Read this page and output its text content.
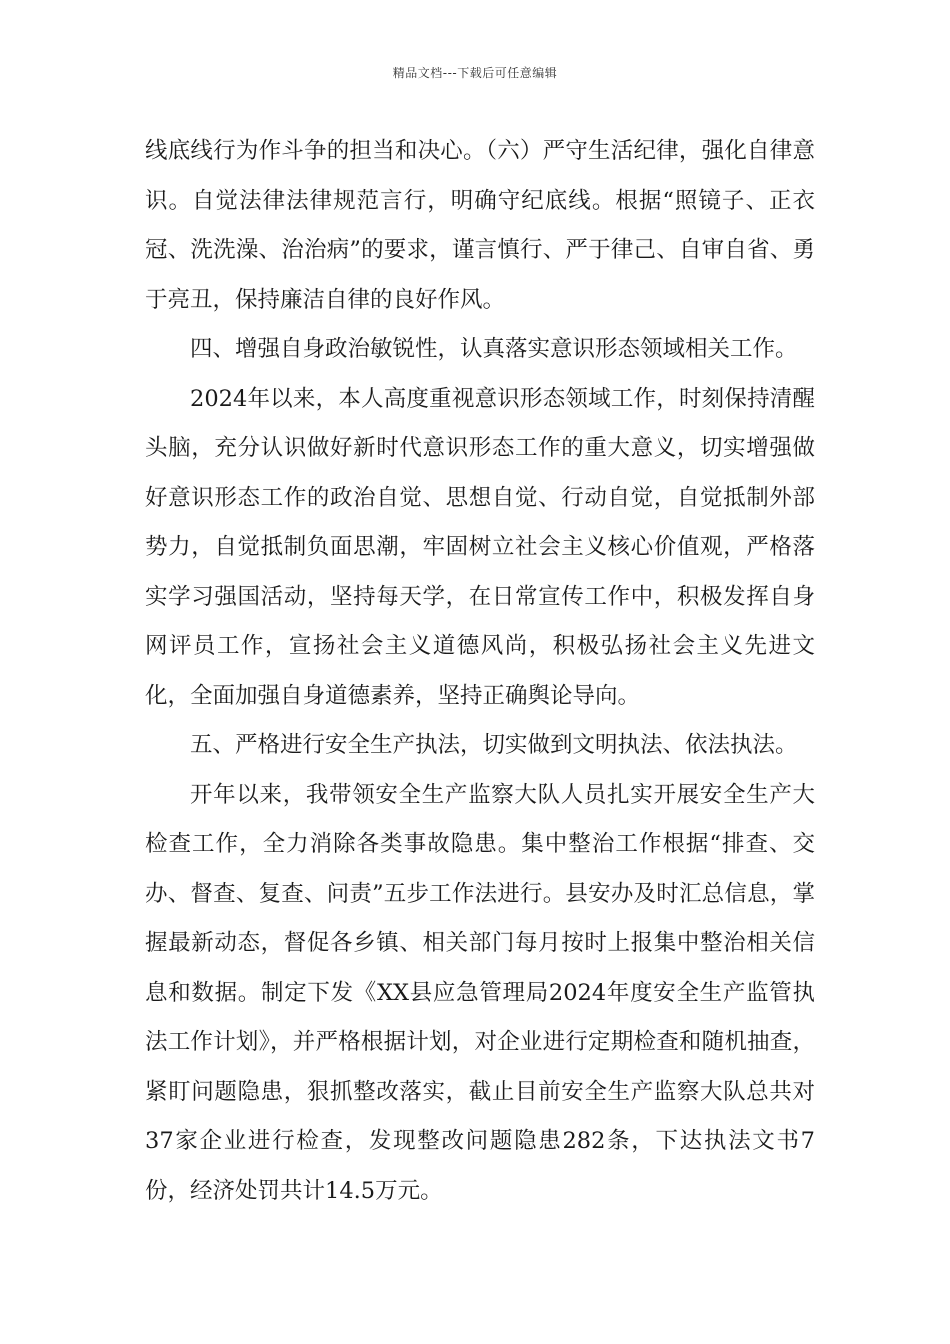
精品文档---下载后可任意编辑

线底线行为作斗争的担当和决心。（六）严守生活纪律，强化自律意识。自觉法律法律规范言行，明确守纪底线。根据“照镜子、正衣冠、洗洗澡、治治病”的要求，谨言慎行、严于律己、自审自省、勇于亮丑，保持廉洁自律的良好作风。

四、增强自身政治敏锐性，认真落实意识形态领域相关工作。

2024年以来，本人高度重视意识形态领域工作，时刻保持清醒头脑，充分认识做好新时代意识形态工作的重大意义，切实增强做好意识形态工作的政治自觉、思想自觉、行动自觉，自觉抵制外部势力，自觉抵制负面思潮，牢固树立社会主义核心价值观，严格落实学习强国活动，坚持每天学，在日常宣传工作中，积极发挥自身网评员工作，宣扬社会主义道德风尚，积极弘扬社会主义先进文化，全面加强自身道德素养，坚持正确舆论导向。

五、严格进行安全生产执法，切实做到文明执法、依法执法。

开年以来，我带领安全生产监察大队人员扎实开展安全生产大检查工作，全力消除各类事故隐患。集中整治工作根据“排查、交办、督查、复查、问责”五步工作法进行。县安办及时汇总信息，掌握最新动态，督促各乡镇、相关部门每月按时上报集中整治相关信息和数据。制定下发《XX县应急管理局2024年度安全生产监管执法工作计划》，并严格根据计划，对企业进行定期检查和随机抽查，紧盯问题隐患，狠抓整改落实，截止目前安全生产监察大队总共对37家企业进行检查，发现整改问题隐患282条，下达执法文书7份，经济处罚共计14.5万元。
